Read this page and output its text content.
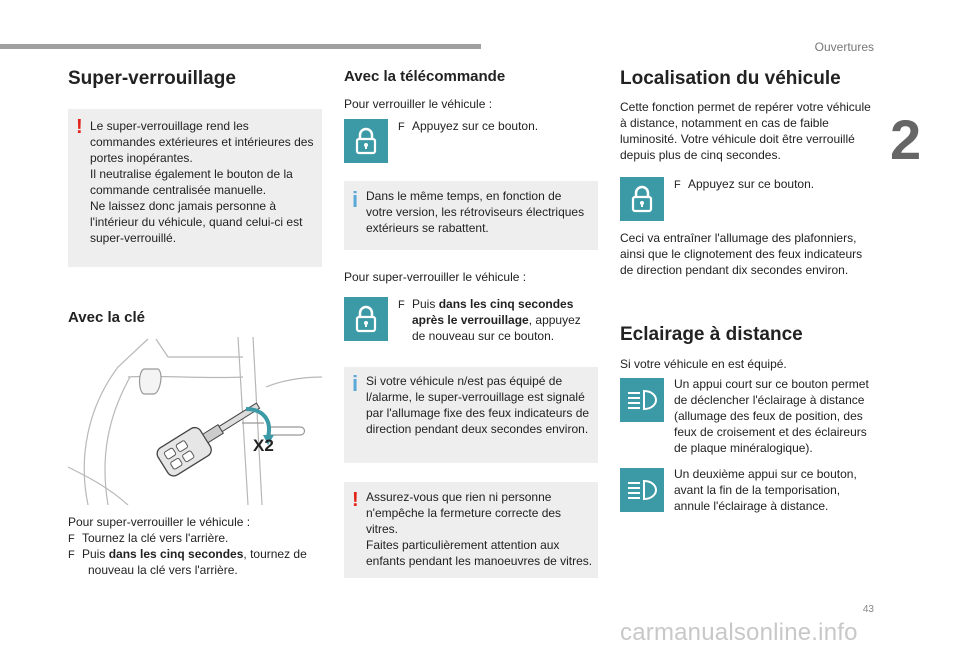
Ouvertures
2
Super-verrouillage
! Le super-verrouillage rend les
commandes extérieures et intérieures des
portes inopérantes.
Il neutralise également le bouton de la
commande centralisée manuelle.
Ne laissez donc jamais personne à
l'intérieur du véhicule, quand celui-ci est
super-verrouillé.
Avec la clé
X2
Pour super-verrouiller le véhicule :
F Tournez la clé vers l'arrière.
F Puis dans les cinq secondes, tournez de
nouveau la clé vers l'arrière.
Avec la télécommande
Pour verrouiller le véhicule :
F Appuyez sur ce bouton.
i Dans le même temps, en fonction de
votre version, les rétroviseurs électriques
extérieurs se rabattent.
Pour super-verrouiller le véhicule :
F Puis dans les cinq secondes
après le verrouillage, appuyez
de nouveau sur ce bouton.
i Si votre véhicule n/est pas équipé de
l/alarme, le super-verrouillage est signalé
par l'allumage fixe des feux indicateurs de
direction pendant deux secondes environ.
! Assurez-vous que rien ni personne
n'empêche la fermeture correcte des vitres.
Faites particulièrement attention aux
enfants pendant les manoeuvres de vitres.
Localisation du véhicule
Cette fonction permet de repérer votre véhicule
à distance, notamment en cas de faible
luminosité. Votre véhicule doit être verrouillé
depuis plus de cinq secondes.
F Appuyez sur ce bouton.
Ceci va entraîner l'allumage des plafonniers,
ainsi que le clignotement des feux indicateurs
de direction pendant dix secondes environ.
Eclairage à distance
Si votre véhicule en est équipé.
Un appui court sur ce bouton permet
de déclencher l'éclairage à distance
(allumage des feux de position, des
feux de croisement et des éclaireurs
de plaque minéralogique).
Un deuxième appui sur ce bouton,
avant la fin de la temporisation,
annule l'éclairage à distance.
43
carmanualsonline.info
